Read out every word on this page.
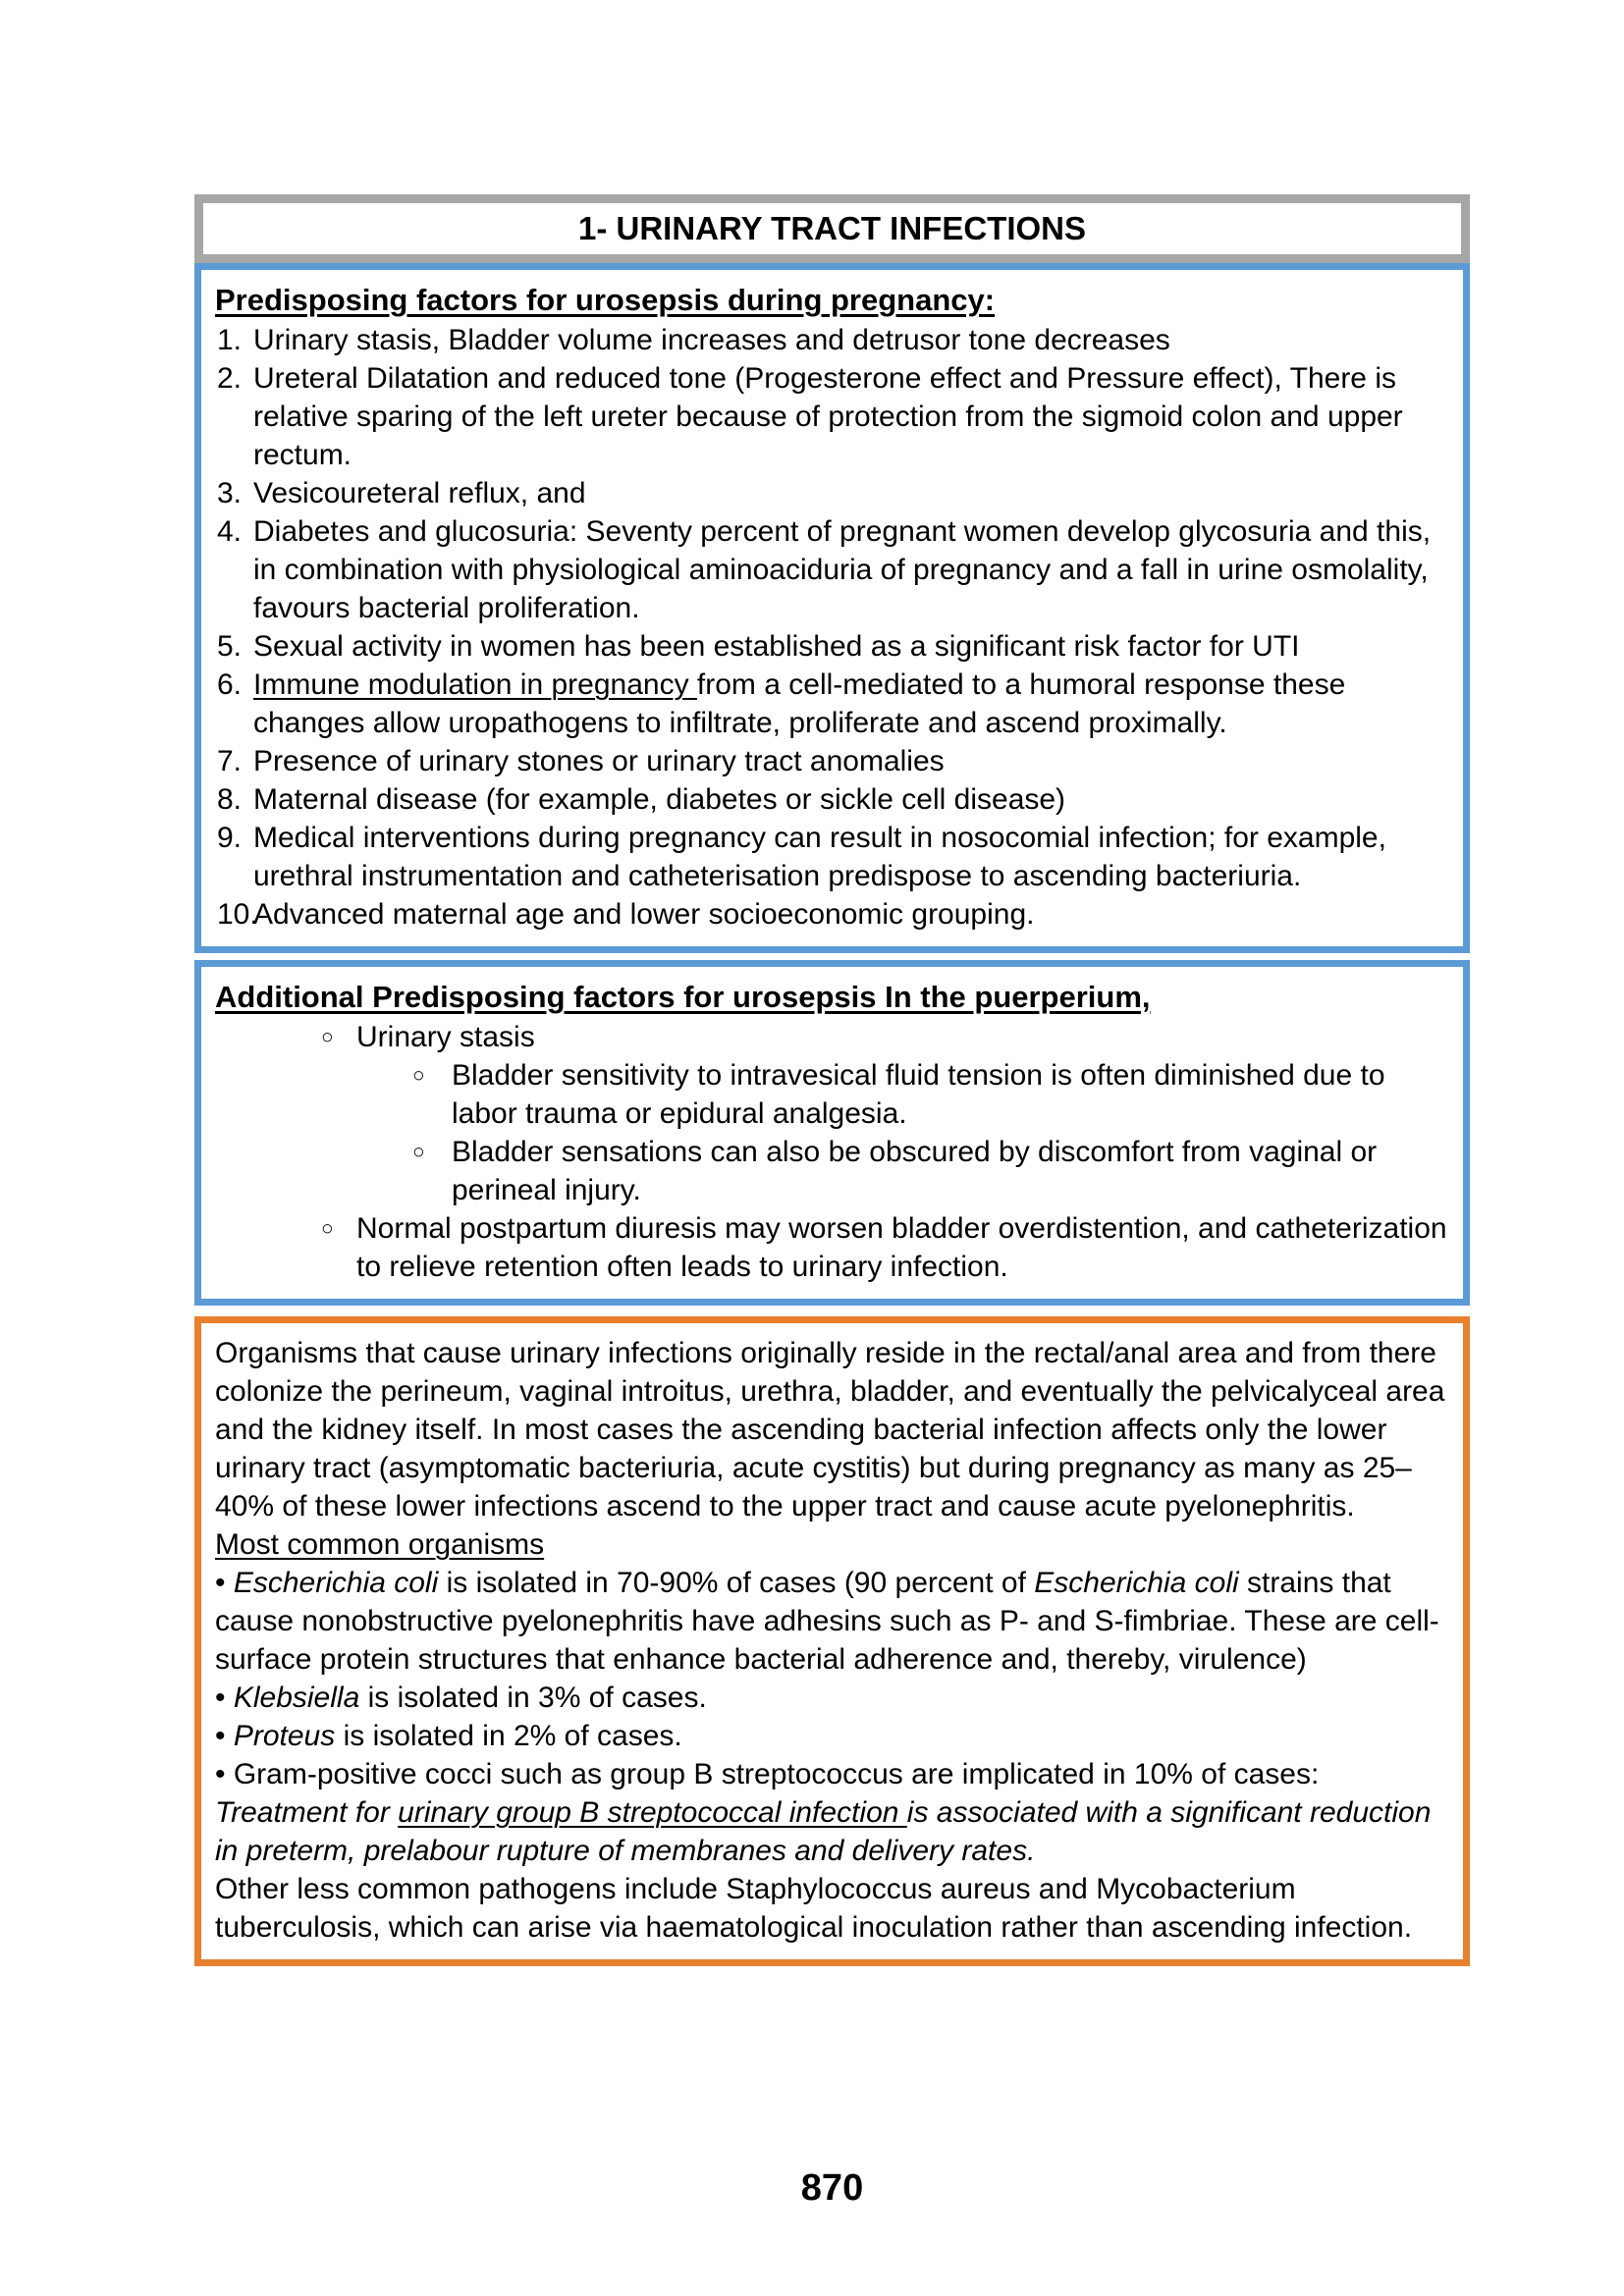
1- URINARY TRACT INFECTIONS
Predisposing factors for urosepsis during pregnancy:
1. Urinary stasis, Bladder volume increases and detrusor tone decreases
2. Ureteral Dilatation and reduced tone (Progesterone effect and Pressure effect), There is relative sparing of the left ureter because of protection from the sigmoid colon and upper rectum.
3. Vesicoureteral reflux, and
4. Diabetes and glucosuria: Seventy percent of pregnant women develop glycosuria and this, in combination with physiological aminoaciduria of pregnancy and a fall in urine osmolality, favours bacterial proliferation.
5. Sexual activity in women has been established as a significant risk factor for UTI
6. Immune modulation in pregnancy from a cell-mediated to a humoral response these changes allow uropathogens to infiltrate, proliferate and ascend proximally.
7. Presence of urinary stones or urinary tract anomalies
8. Maternal disease (for example, diabetes or sickle cell disease)
9. Medical interventions during pregnancy can result in nosocomial infection; for example, urethral instrumentation and catheterisation predispose to ascending bacteriuria.
10.
Advanced maternal age and lower socioeconomic grouping.
Additional Predisposing factors for urosepsis In the puerperium,
○ Urinary stasis
○ Bladder sensitivity to intravesical fluid tension is often diminished due to labor trauma or epidural analgesia.
○ Bladder sensations can also be obscured by discomfort from vaginal or perineal injury.
○ Normal postpartum diuresis may worsen bladder overdistention, and catheterization to relieve retention often leads to urinary infection.
Organisms that cause urinary infections originally reside in the rectal/anal area and from there colonize the perineum, vaginal introitus, urethra, bladder, and eventually the pelvicalyceal area and the kidney itself. In most cases the ascending bacterial infection affects only the lower urinary tract (asymptomatic bacteriuria, acute cystitis) but during pregnancy as many as 25–40% of these lower infections ascend to the upper tract and cause acute pyelonephritis.
Most common organisms
• Escherichia coli is isolated in 70-90% of cases (90 percent of Escherichia coli strains that cause nonobstructive pyelonephritis have adhesins such as P- and S-fimbriae. These are cell-surface protein structures that enhance bacterial adherence and, thereby, virulence)
• Klebsiella is isolated in 3% of cases.
• Proteus is isolated in 2% of cases.
• Gram-positive cocci such as group B streptococcus are implicated in 10% of cases:
Treatment for urinary group B streptococcal infection is associated with a significant reduction in preterm, prelabour rupture of membranes and delivery rates.
Other less common pathogens include Staphylococcus aureus and Mycobacterium tuberculosis, which can arise via haematological inoculation rather than ascending infection.
870
